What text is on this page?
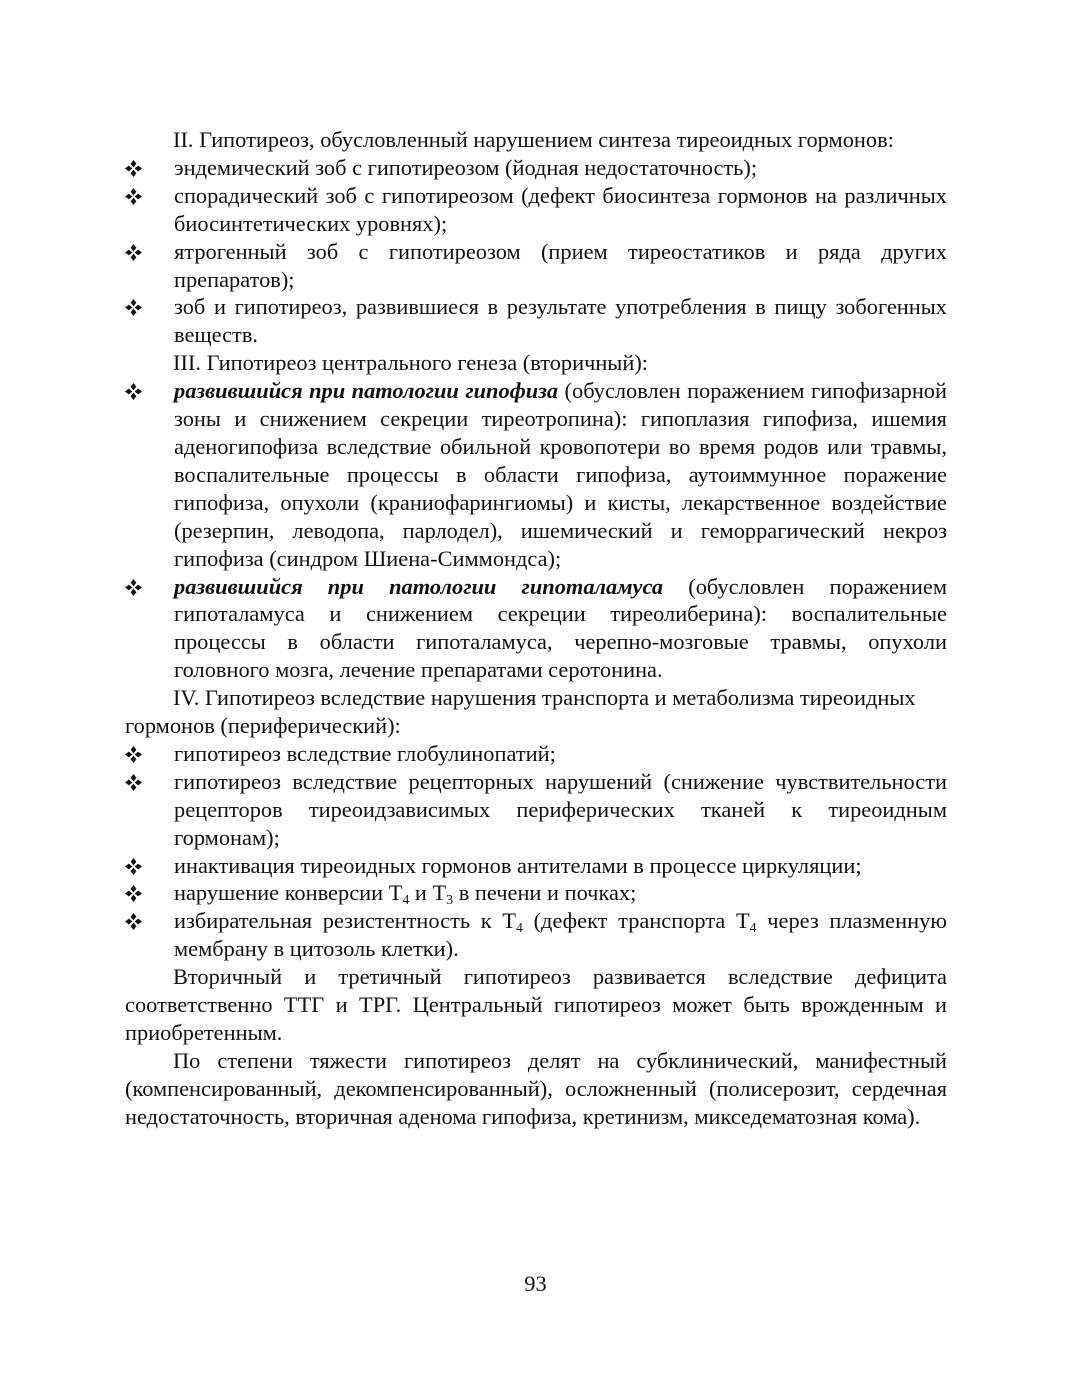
II. Гипотиреоз, обусловленный нарушением синтеза тиреоидных гормонов:

эндемический зоб с гипотиреозом (йодная недостаточность);
спорадический зоб с гипотиреозом (дефект биосинтеза гормонов на различных биосинтетических уровнях);
ятрогенный зоб с гипотиреозом (прием тиреостатиков и ряда других препаратов);
зоб и гипотиреоз, развившиеся в результате употребления в пищу зобогенных веществ.

III. Гипотиреоз центрального генеза (вторичный):

развившийся при патологии гипофиза (обусловлен поражением гипофизарной зоны и снижением секреции тиреотропина): гипоплазия гипофиза, ишемия аденогипофиза вследствие обильной кровопотери во время родов или травмы, воспалительные процессы в области гипофиза, аутоиммунное поражение гипофиза, опухоли (краниофарингиомы) и кисты, лекарственное воздействие (резерпин, леводопа, парлодел), ишемический и геморрагический некроз гипофиза (синдром Шиена-Симмондса);
развившийся при патологии гипоталамуса (обусловлен поражением гипоталамуса и снижением секреции тиреолиберина): воспалительные процессы в области гипоталамуса, черепно-мозговые травмы, опухоли головного мозга, лечение препаратами серотонина.

IV. Гипотиреоз вследствие нарушения транспорта и метаболизма тиреоидных гормонов (периферический):

гипотиреоз вследствие глобулинопатий;
гипотиреоз вследствие рецепторных нарушений (снижение чувствительности рецепторов тиреоидзависимых периферических тканей к тиреоидным гормонам);
инактивация тиреоидных гормонов антителами в процессе циркуляции;
нарушение конверсии $Т_4$ и $Т_3$ в печени и почках;
избирательная резистентность к $Т_4$ (дефект транспорта $Т_4$ через плазменную мембрану в цитозоль клетки).

Вторичный и третичный гипотиреоз развивается вследствие дефицита соответственно ТТГ и ТРГ. Центральный гипотиреоз может быть врожденным и приобретенным.

По степени тяжести гипотиреоз делят на субклинический, манифестный (компенсированный, декомпенсированный), осложненный (полисерозит, сердечная недостаточность, вторичная аденома гипофиза, кретинизм, микседематозная кома).

93
